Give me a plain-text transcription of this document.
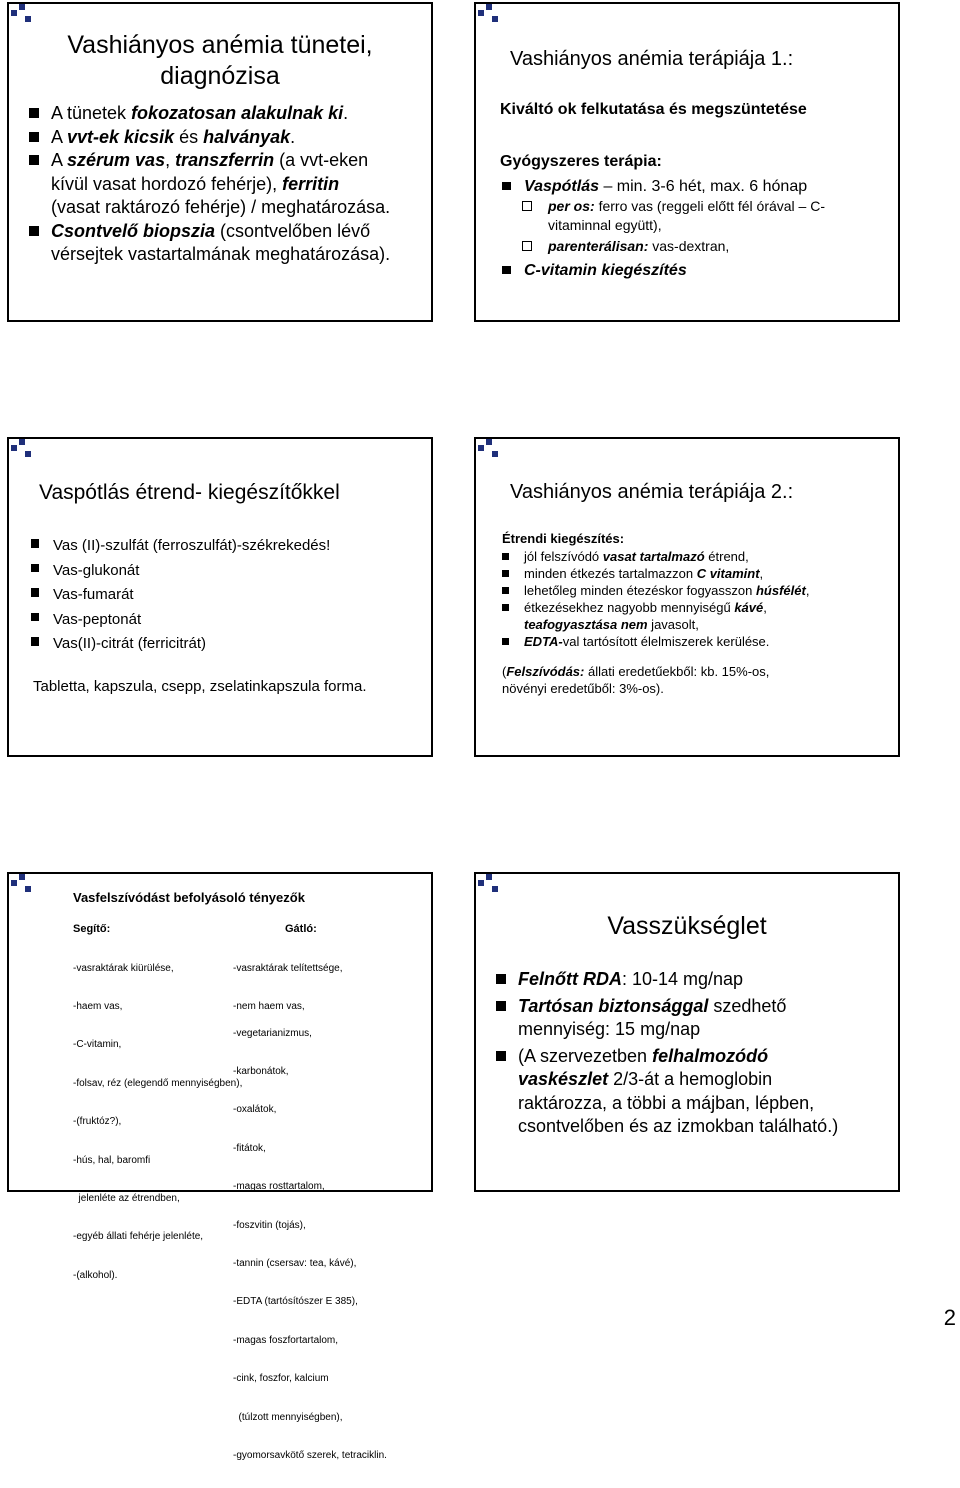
Vashiányos anémia tünetei,
diagnózisa
A tünetek fokozatosan alakulnak ki.
A vvt-ek kicsik és halványak.
A szérum vas, transzferrin (a vvt-eken
kívül vasat hordozó fehérje), ferritin
(vasat raktározó fehérje) / meghatározása.
Csontvelő biopszia (csontvelőben lévő
vérsejtek vastartalmának meghatározása).
Vashiányos anémia terápiája 1.:
Kiváltó ok felkutatása és megszüntetése
Gyógyszeres terápia:
Vaspótlás – min. 3-6 hét, max. 6 hónap
per os: ferro vas (reggeli előtt fél órával – C-
vitaminnal együtt),
parenterálisan: vas-dextran,
C-vitamin kiegészítés
Vaspótlás étrend- kiegészítőkkel
Vas (II)-szulfát (ferroszulfát)-székrekedés!
Vas-glukonát
Vas-fumarát
Vas-peptonát
Vas(II)-citrát (ferricitrát)
Tabletta, kapszula, csepp, zselatinkapszula forma.
Vashiányos anémia terápiája 2.:
Étrendi kiegészítés:
jól felszívódó vasat tartalmazó étrend,
minden étkezés tartalmazzon C vitamint,
lehetőleg minden étezéskor fogyasszon húsfélét,
étkezésekhez nagyobb mennyiségű kávé,
teafogyasztása nem javasolt,
EDTA-val tartósított élelmiszerek kerülése.
(Felszívódás: állati eredetűekből: kb. 15%-os,
növényi eredetűből: 3%-os).
Vasfelszívódást befolyásoló tényezők
Segítő:	Gátló:

-vasraktárak kiürülése,

-haem vas,

-C-vitamin,

-folsav, réz (elegendő mennyiségben),

-(fruktóz?),

-hús, hal, baromfi

jelenléte az étrendben,

-egyéb állati fehérje jelenléte,

-(alkohol).

-vasraktárak telítettsége,

-nem haem vas,

-vegetarianizmus,

-karbonátok,

-oxalátok,

-fitátok,

-magas rosttartalom,

-foszvitin (tojás),

-tannin (csersav: tea, kávé),

-EDTA (tartósítószer E 385),

-magas foszfortartalom,

-cink, foszfor, kalcium

(túlzott mennyiségben),

-gyomorsavkötő szerek, tetraciklin.

Vasszükséglet
Felnőtt RDA: 10-14 mg/nap
Tartósan biztonsággal szedhető
mennyiség: 15 mg/nap
(A szervezetben felhalmozódó
vaskészlet 2/3-át a hemoglobin
raktározza, a többi a májban, lépben,
csontvelőben és az izmokban található.)
2
